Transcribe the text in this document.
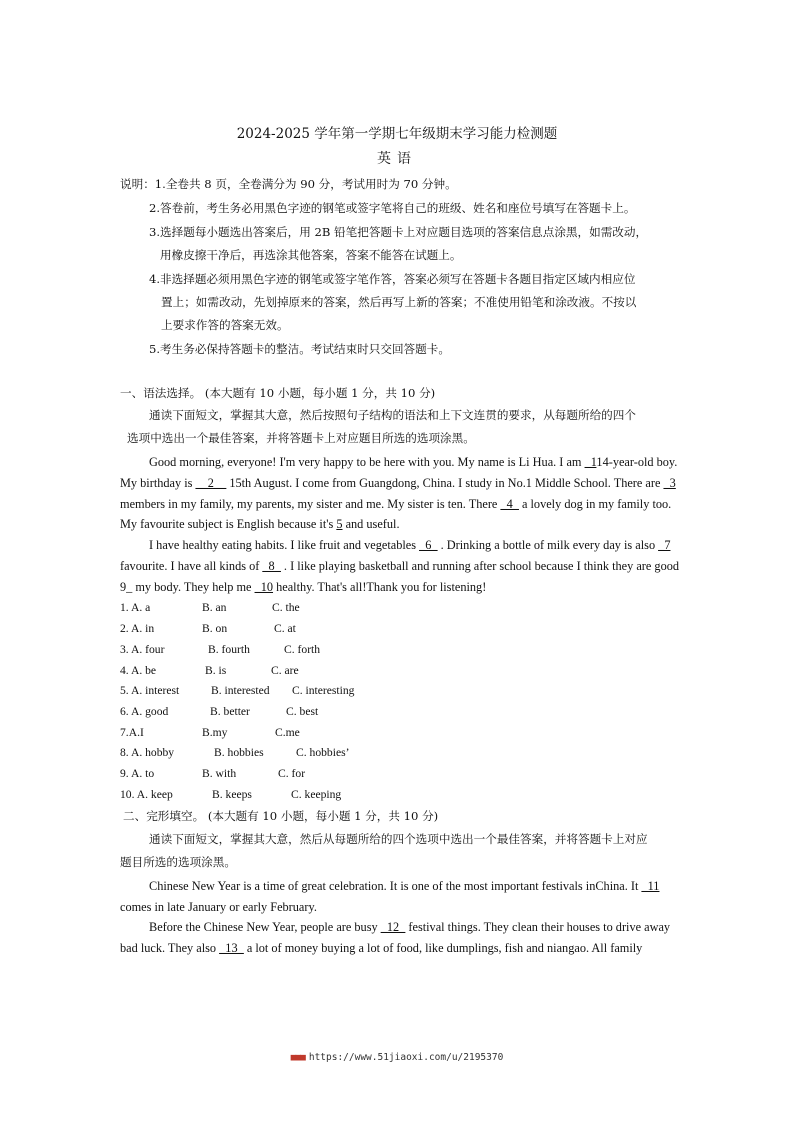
2024-2025 学年第一学期七年级期末学习能力检测题
英语
说明：1.全卷共 8 页，全卷满分为 90 分，考试用时为 70 分钟。
2.答卷前，考生务必用黑色字迹的钢笔或签字笔将自己的班级、姓名和座位号填写在答题卡上。
3.选择题每小题选出答案后，用 2B 铅笔把答题卡上对应题目选项的答案信息点涂黑，如需改动，
用橡皮擦干净后，再选涂其他答案，答案不能答在试题上。
4.非选择题必须用黑色字迹的钢笔或签字笔作答，答案必须写在答题卡各题目指定区域内相应位
置上；如需改动，先划掉原来的答案，然后再写上新的答案；不准使用铅笔和涂改液。不按以
上要求作答的答案无效。
5.考生务必保持答题卡的整洁。考试结束时只交回答题卡。
一、语法选择。 (本大题有 10 小题，每小题 1 分，共 10 分)
通读下面短文，掌握其大意，然后按照句子结构的语法和上下文连贯的要求，从每题所给的四个
选项中选出一个最佳答案，并将答题卡上对应题目所选的选项涂黑。
Good morning, everyone! I'm very happy to be here with you. My name is Li Hua. I am _114-year-old boy.
My birthday is __2__ 15th August. I come from Guangdong, China. I study in No.1 Middle School. There are _3
members in my family, my parents, my sister and me. My sister is ten. There _4_ a lovely dog in my family too.
My favourite subject is English because it's 5 and useful.
I have healthy eating habits. I like fruit and vegetables _6_ . Drinking a bottle of milk every day is also _7
favourite. I have all kinds of _8_ . I like playing basketball and running after school because I think they are good
9_ my body. They help me _10 healthy. That's all!Thank you for listening!
1. A. a	B. an	C. the
2. A. in	B. on	C. at
3. A. four	B. fourth	C. forth
4. A. be	B. is	C. are
5. A. interest	B. interested C. interesting
6. A. good	B. better	C. best
7.A.I	B.my	C.me
8. A. hobby	B. hobbies	C. hobbies’
9. A. to	B. with	C. for
10. A. keep	B. keeps	C. keeping
二、完形填空。 (本大题有 10 小题，每小题 1 分，共 10 分)
通读下面短文，掌握其大意，然后从每题所给的四个选项中选出一个最佳答案，并将答题卡上对应
题目所选的选项涂黑。
Chinese New Year is a time of great celebration. It is one of the most important festivals inChina. It _11
comes in late January or early February.
Before the Chinese New Year, people are busy _12_ festival things. They clean their houses to drive away
bad luck. They also _13_ a lot of money buying a lot of food, like dumplings, fish and niangao. All family
■■■ https://www.51jiaoxi.com/u/2195370
